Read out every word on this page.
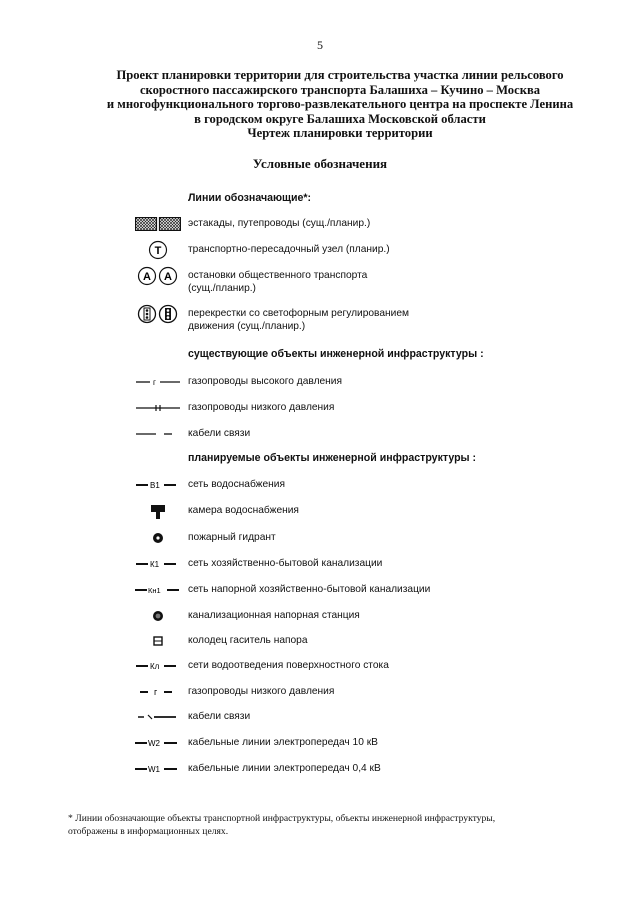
5
Проект планировки территории для строительства участка линии рельсового
скоростного пассажирского транспорта Балашиха – Кучино – Москва
и многофункционального торгово-развлекательного центра на проспекте Ленина
в городском округе Балашиха Московской области
Чертеж планировки территории
Условные обозначения
Линии обозначающие*:
эстакады, путепроводы (сущ./планир.)
T	транспортно-пересадочный узел (планир.)
A A остановки общественного транспорта
(сущ./планир.)
перекрестки со светофорным регулированием
движения (сущ./планир.)
существующие объекты инженерной инфраструктуры :
г	газопроводы высокого давления
газопроводы низкого давления
кабели связи
планируемые объекты инженерной инфраструктуры :
В1	сеть водоснабжения
камера водоснабжения
пожарный гидрант
К1	сеть хозяйственно-бытовой канализации
Кн1	сеть напорной хозяйственно-бытовой канализации
канализационная напорная станция
колодец гаситель напора
Кл	сети водоотведения поверхностного стока
г	газопроводы низкого давления
кабели связи
W2	кабельные линии электропередач 10 кВ
W1	кабельные линии электропередач 0,4 кВ
* Линии обозначающие объекты транспортной инфраструктуры, объекты инженерной инфраструктуры,
отображены в информационных целях.
